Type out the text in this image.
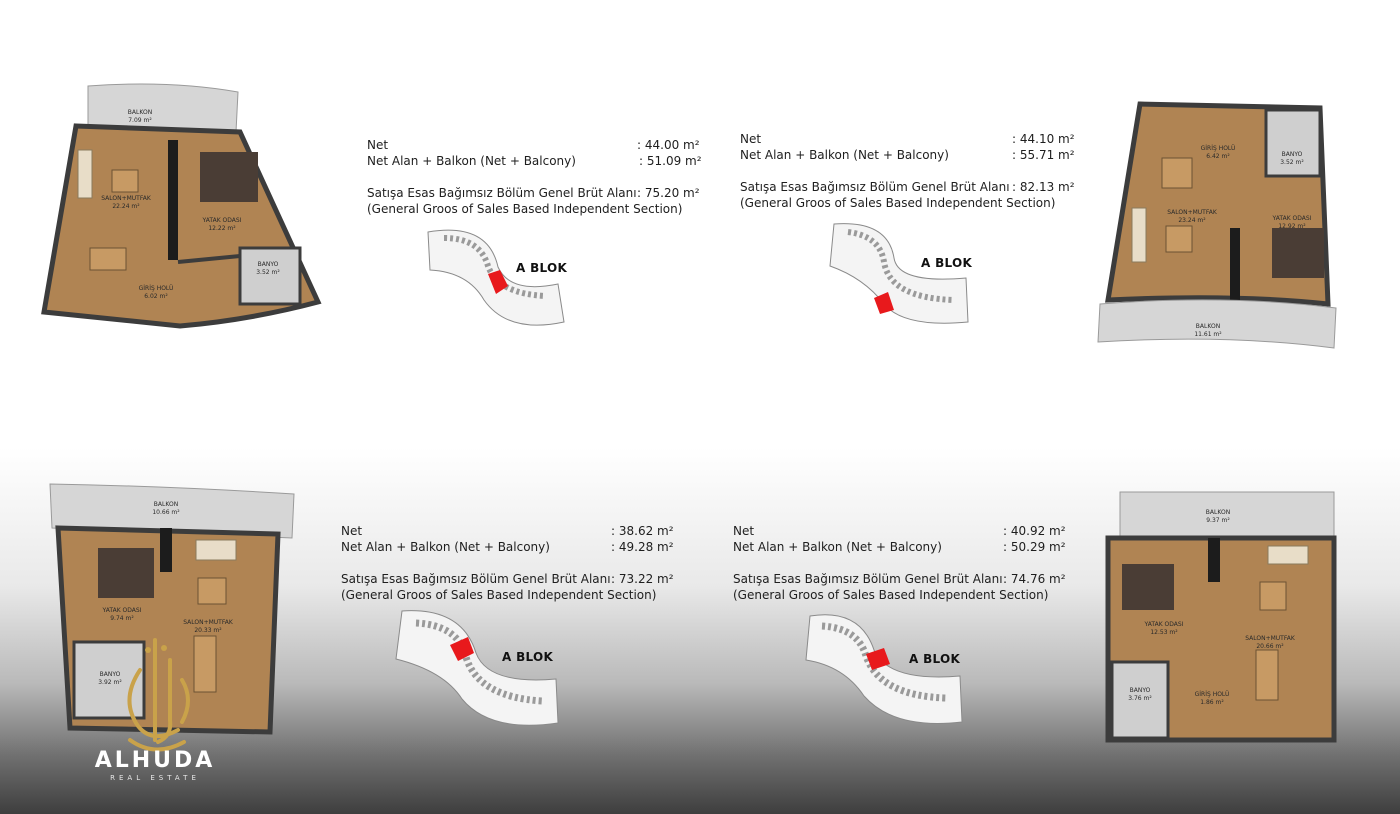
BALKON
7.09 m²
SALON+MUTFAK
22.24 m²
YATAK ODASI
12.22 m²
BANYO
3.52 m²
GİRİŞ HOLÜ
6.02 m²
Net	: 44.00 m²
Net Alan + Balkon (Net + Balcony)	: 51.09 m²
Satışa Esas Bağımsız Bölüm Genel Brüt Alanı : 75.20 m²
(General Groos of Sales Based Independent Section)
A BLOK
Net	: 44.10 m²
Net Alan + Balkon (Net + Balcony)	: 55.71 m²
Satışa Esas Bağımsız Bölüm Genel Brüt Alanı : 82.13 m²
(General Groos of Sales Based Independent Section)
A BLOK
GİRİŞ HOLÜ
6.42 m²	BANYO
3.52 m²
SALON+MUTFAK
23.24 m²	YATAK ODASI
12.92 m²
BALKON
11.61 m²
BALKON
10.66 m²
YATAK ODASI
9.74 m²
SALON+MUTFAK
20.33 m²
BANYO
3.92 m²
Net	: 38.62 m²
Net Alan + Balkon (Net + Balcony)	: 49.28 m²
Satışa Esas Bağımsız Bölüm Genel Brüt Alanı : 73.22 m²
(General Groos of Sales Based Independent Section)
A BLOK
Net	: 40.92 m²
Net Alan + Balkon (Net + Balcony)	: 50.29 m²
Satışa Esas Bağımsız Bölüm Genel Brüt Alanı : 74.76 m²
(General Groos of Sales Based Independent Section)
A BLOK
BALKON
9.37 m²
YATAK ODASI
12.53 m²
SALON+MUTFAK
20.66 m²
BANYO
3.76 m²
GİRİŞ HOLÜ
1.86 m²
ALHUDA
REAL ESTATE
